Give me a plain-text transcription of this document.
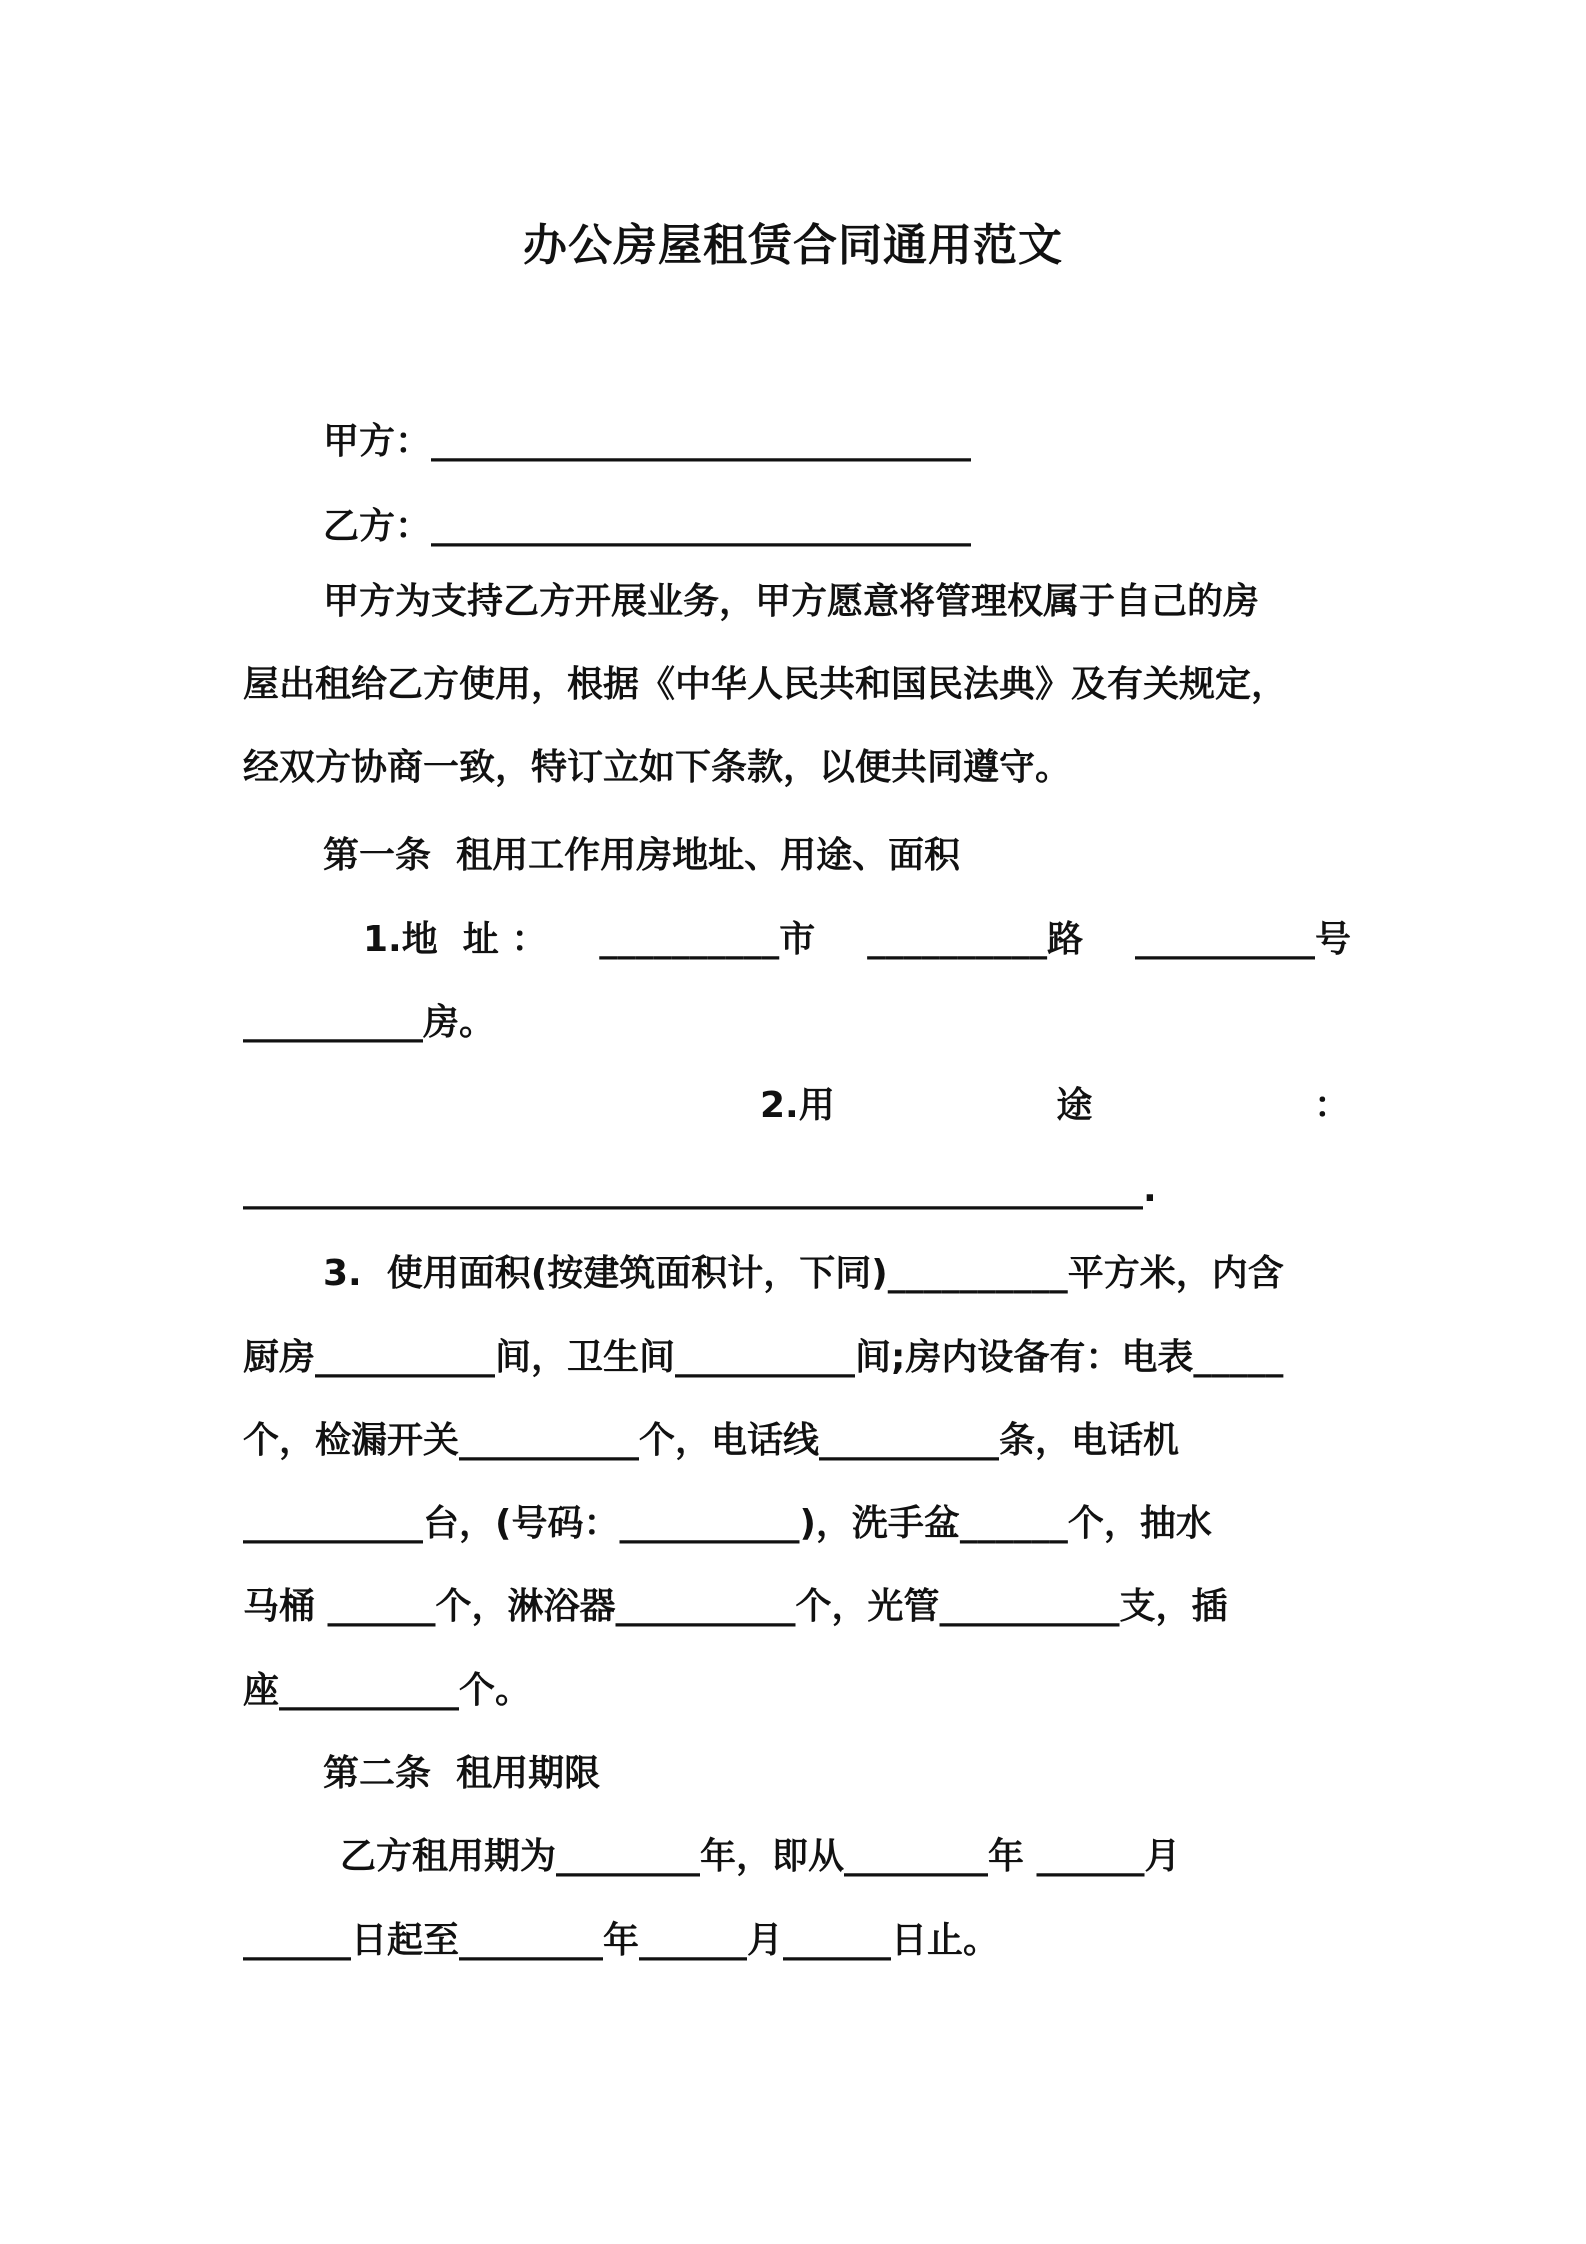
办公房屋租赁合同通用范文
甲方：______________________________
乙方：______________________________
甲方为支持乙方开展业务，甲方愿意将管理权属于自己的房
屋出租给乙方使用，根据《中华人民共和国民法典》及有关规定，
经双方协商一致，特订立如下条款，以便共同遵守。
第一条  租用工作用房地址、用途、面积
1.地  址 ： __________市 __________路 __________号
__________房。
2.用	途	：
__________________________________________________.
3.  使用面积(按建筑面积计，下同)__________平方米，内含
厨房__________间，卫生间__________间;房内设备有：电表_____
个，检漏开关__________个，电话线__________条，电话机
__________台，(号码：__________)，洗手盆______个，抽水
马桶 ______个，淋浴器__________个，光管__________支，插
座__________个。
第二条  租用期限
乙方租用期为________年，即从________年 ______月
______日起至________年______月______日止。
